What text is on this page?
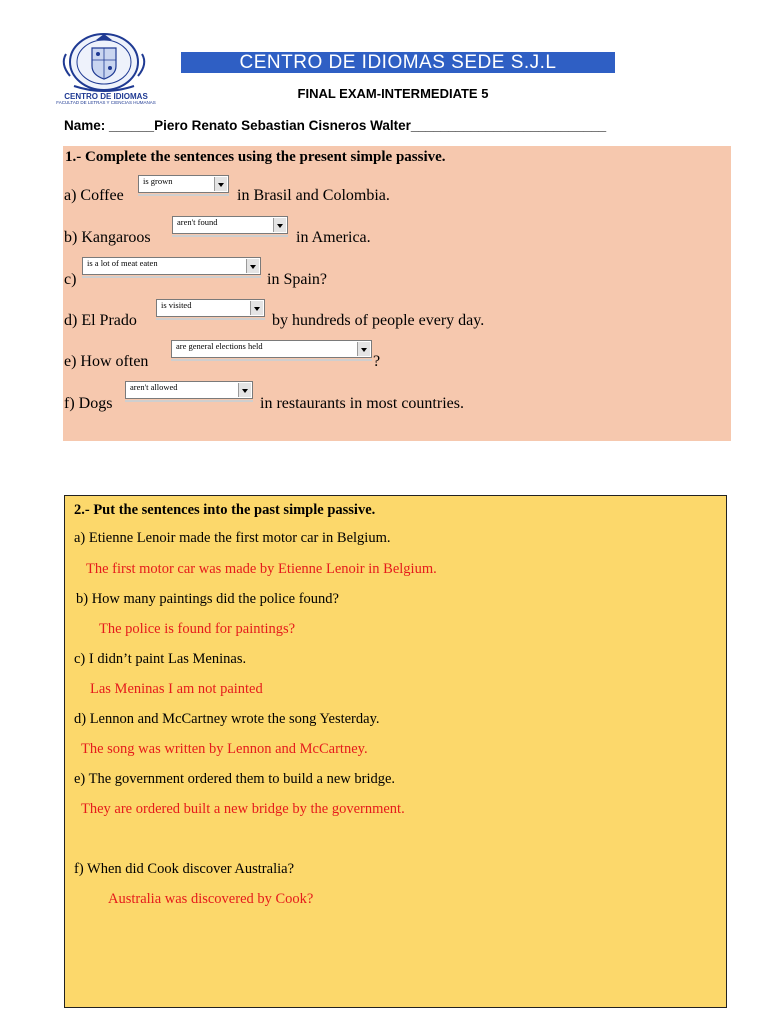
CENTRO DE IDIOMAS
FACULTAD DE LETRAS Y CIENCIAS HUMANAS
CENTRO DE IDIOMAS SEDE S.J.L
FINAL EXAM-INTERMEDIATE 5
Name: ______Piero Renato Sebastian Cisneros Walter__________________________
1.- Complete the sentences using the present simple passive.
a) Coffee
is grown
in Brasil and Colombia.
b) Kangaroos
aren't found
in America.
c)
is a lot of meat eaten
in Spain?
d) El Prado
is visited
by hundreds of people every day.
e) How often
are general elections held
?
f) Dogs
aren't allowed
in restaurants in most countries.
2.- Put the sentences into the past simple passive.
a) Etienne Lenoir made the first motor car in Belgium.
The first motor car was made by Etienne Lenoir in Belgium.
b) How many paintings did the police found?
The police is found for paintings?
c) I didn’t paint Las Meninas.
Las Meninas I am not painted
d) Lennon and McCartney wrote the song Yesterday.
The song was written by Lennon and McCartney.
e) The government ordered them to build a new bridge.
They are ordered built a new bridge by the government.
f) When did Cook discover Australia?
Australia was discovered by Cook?
